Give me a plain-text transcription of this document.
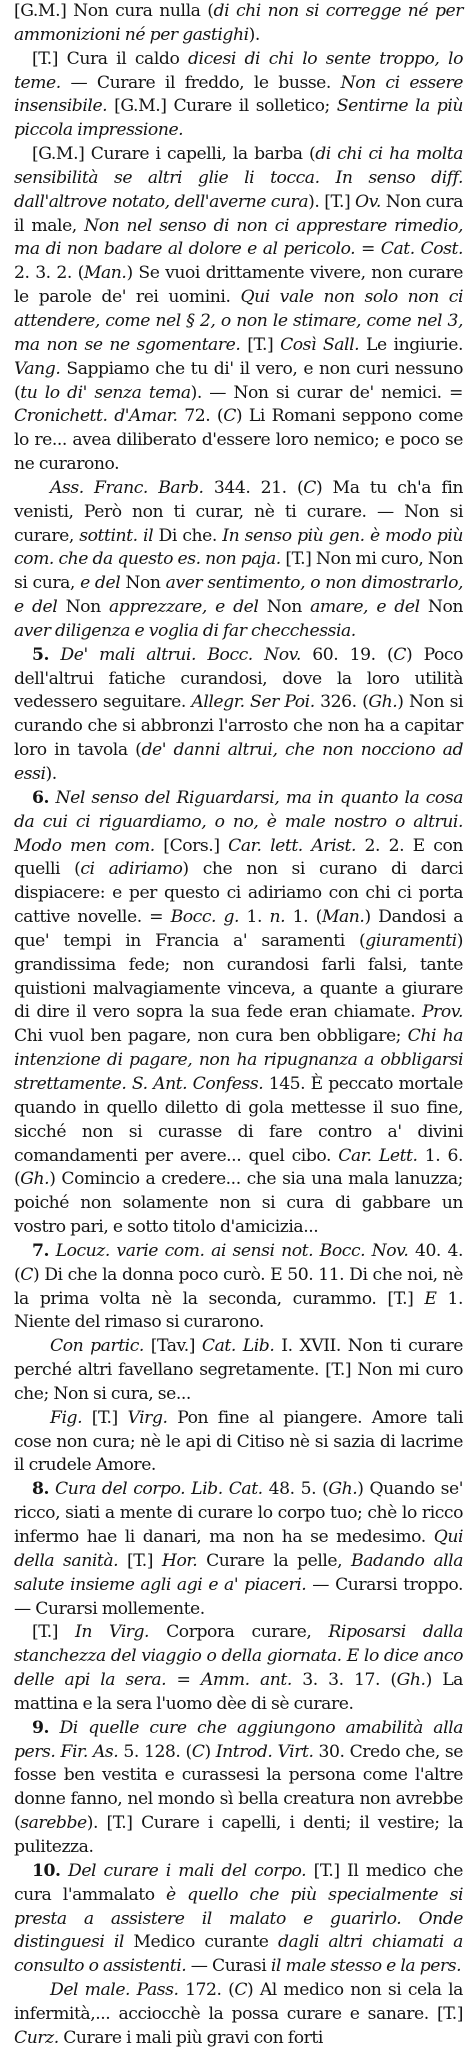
[G.M.] Non cura nulla (di chi non si corregge né per ammonizioni né per gastighi).

[T.] Cura il caldo dicesi di chi lo sente troppo, lo teme. — Curare il freddo, le busse. Non ci essere insensibile. [G.M.] Curare il solletico; Sentirne la più piccola impressione.

[G.M.] Curare i capelli, la barba (di chi ci ha molta sensibilità se altri glie li tocca. In senso diff. dall'altrove notato, dell'averne cura). [T.] Ov. Non cura il male, Non nel senso di non ci apprestare rimedio, ma di non badare al dolore e al pericolo. = Cat. Cost. 2. 3. 2. (Man.) Se vuoi drittamente vivere, non curare le parole de' rei uomini. Qui vale non solo non ci attendere, come nel § 2, o non le stimare, come nel 3, ma non se ne sgomentare. [T.] Così Sall. Le ingiurie. Vang. Sappiamo che tu di' il vero, e non curi nessuno (tu lo di' senza tema). — Non si curar de' nemici. = Cronichett. d'Amar. 72. (C) Li Romani seppono come lo re... avea diliberato d'essere loro nemico; e poco se ne curarono.

Ass. Franc. Barb. 344. 21. (C) Ma tu ch'a fin venisti, Però non ti curar, nè ti curare. — Non si curare, sottint. il Di che. In senso più gen. è modo più com. che da questo es. non paja. [T.] Non mi curo, Non si cura, e del Non aver sentimento, o non dimostrarlo, e del Non apprezzare, e del Non amare, e del Non aver diligenza e voglia di far checchessia.

5. De' mali altrui. Bocc. Nov. 60. 19. (C) Poco dell'altrui fatiche curandosi, dove la loro utilità vedessero seguitare. Allegr. Ser Poi. 326. (Gh.) Non si curando che si abbronzi l'arrosto che non ha a capitar loro in tavola (de' danni altrui, che non nocciono ad essi).

6. Nel senso del Riguardarsi, ma in quanto la cosa da cui ci riguardiamo, o no, è male nostro o altrui. Modo men com. [Cors.] Car. lett. Arist. 2. 2. E con quelli (ci adiriamo) che non si curano di darci dispiacere: e per questo ci adiriamo con chi ci porta cattive novelle. = Bocc. g. 1. n. 1. (Man.) Dandosi a que' tempi in Francia a' saramenti (giuramenti) grandissima fede; non curandosi farli falsi, tante quistioni malvagiamente vinceva, a quante a giurare di dire il vero sopra la sua fede eran chiamate. Prov. Chi vuol ben pagare, non cura ben obbligare; Chi ha intenzione di pagare, non ha ripugnanza a obbligarsi strettamente. S. Ant. Confess. 145. È peccato mortale quando in quello diletto di gola mettesse il suo fine, sicché non si curasse di fare contro a' divini comandamenti per avere... quel cibo. Car. Lett. 1. 6. (Gh.) Comincio a credere... che sia una mala lanuzza; poiché non solamente non si cura di gabbare un vostro pari, e sotto titolo d'amicizia...

7. Locuz. varie com. ai sensi not. Bocc. Nov. 40. 4. (C) Di che la donna poco curò. E 50. 11. Di che noi, nè la prima volta nè la seconda, curammo. [T.] E 1. Niente del rimaso si curarono.

Con partic. [Tav.] Cat. Lib. I. XVII. Non ti curare perché altri favellano segretamente. [T.] Non mi curo che; Non si cura, se...

Fig. [T.] Virg. Pon fine al piangere. Amore tali cose non cura; nè le api di Citiso nè si sazia di lacrime il crudele Amore.

8. Cura del corpo. Lib. Cat. 48. 5. (Gh.) Quando se' ricco, siati a mente di curare lo corpo tuo; chè lo ricco infermo hae li danari, ma non ha se medesimo. Qui della sanità. [T.] Hor. Curare la pelle, Badando alla salute insieme agli agi e a' piaceri. — Curarsi troppo. — Curarsi mollemente.

[T.] In Virg. Corpora curare, Riposarsi dalla stanchezza del viaggio o della giornata. E lo dice anco delle api la sera. = Amm. ant. 3. 3. 17. (Gh.) La mattina e la sera l'uomo dèe di sè curare.

9. Di quelle cure che aggiungono amabilità alla pers. Fir. As. 5. 128. (C) Introd. Virt. 30. Credo che, se fosse ben vestita e curassesi la persona come l'altre donne fanno, nel mondo sì bella creatura non avrebbe (sarebbe). [T.] Curare i capelli, i denti; il vestire; la pulitezza.

10. Del curare i mali del corpo. [T.] Il medico che cura l'ammalato è quello che più specialmente si presta a assistere il malato e guarirlo. Onde distinguesi il Medico curante dagli altri chiamati a consulto o assistenti. — Curasi il male stesso e la pers.

Del male. Pass. 172. (C) Al medico non si cela la infermità,... acciocchè la possa curare e sanare. [T.] Curz. Curare i mali più gravi con forti
